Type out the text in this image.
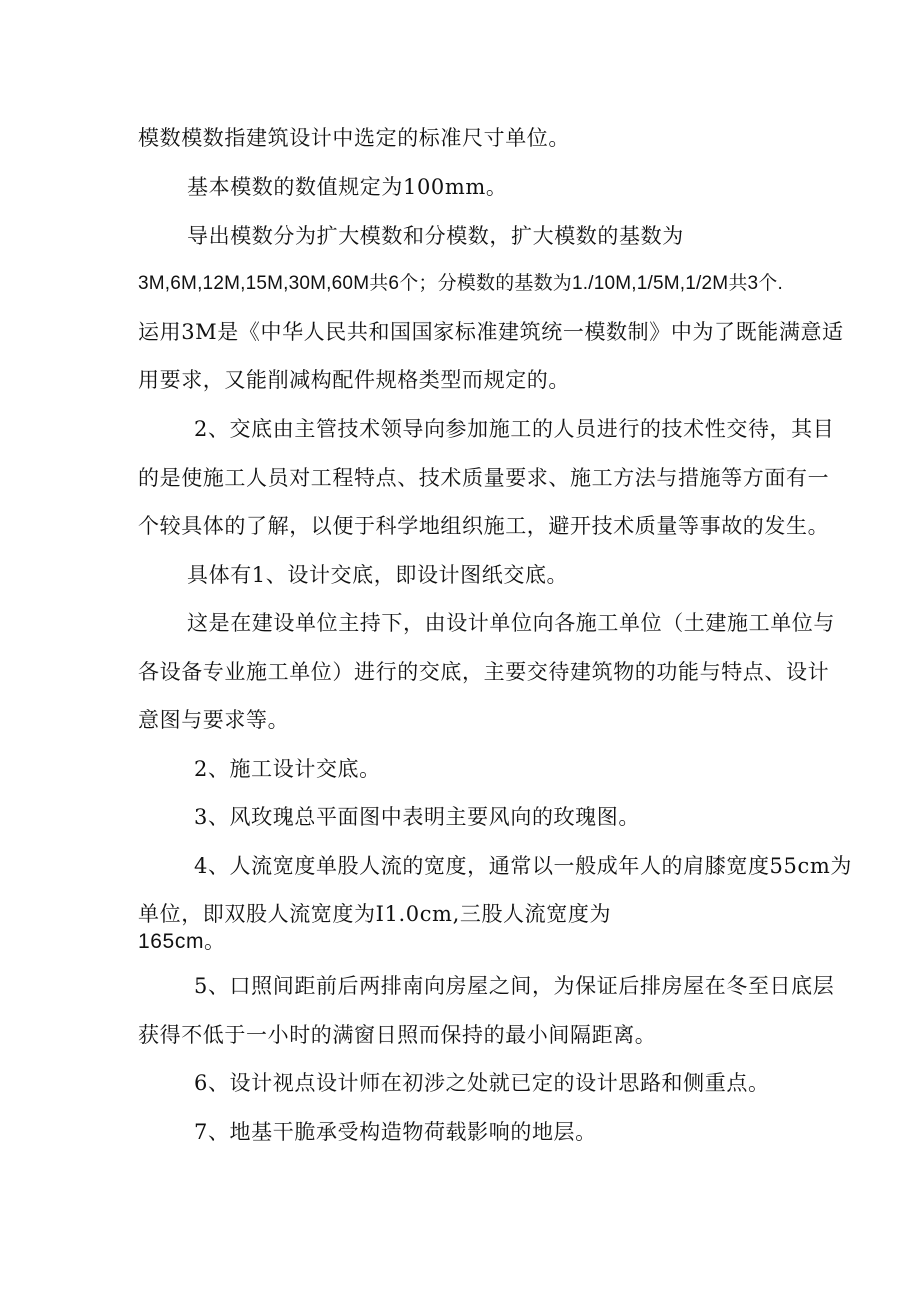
模数模数指建筑设计中选定的标准尺寸单位。
基本模数的数值规定为100mm。
导出模数分为扩大模数和分模数，扩大模数的基数为
3M,6M,12M,15M,30M,60M共6个；分模数的基数为1./10M,1/5M,1/2M共3个.
运用3M是《中华人民共和国国家标准建筑统一模数制》中为了既能满意适
用要求，又能削减构配件规格类型而规定的。
2、交底由主管技术领导向参加施工的人员进行的技术性交待，其目
的是使施工人员对工程特点、技术质量要求、施工方法与措施等方面有一
个较具体的了解，以便于科学地组织施工，避开技术质量等事故的发生。
具体有1、设计交底，即设计图纸交底。
这是在建设单位主持下，由设计单位向各施工单位（土建施工单位与
各设备专业施工单位）进行的交底，主要交待建筑物的功能与特点、设计
意图与要求等。
2、施工设计交底。
3、风玫瑰总平面图中表明主要风向的玫瑰图。
4、人流宽度单股人流的宽度，通常以一般成年人的肩膝宽度55cm为
单位，即双股人流宽度为I1.0cm,三股人流宽度为
165cm。
5、口照间距前后两排南向房屋之间，为保证后排房屋在冬至日底层
获得不低于一小时的满窗日照而保持的最小间隔距离。
6、设计视点设计师在初涉之处就已定的设计思路和侧重点。
7、地基干脆承受构造物荷载影响的地层。
